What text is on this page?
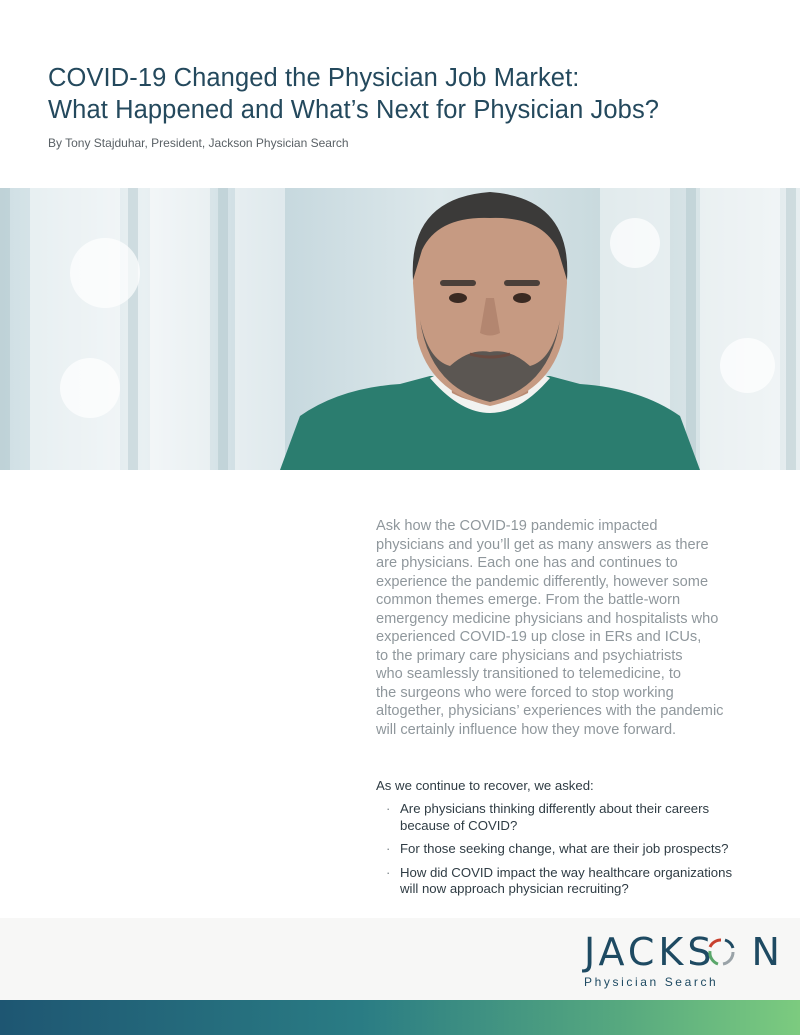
COVID-19 Changed the Physician Job Market:
What Happened and What’s Next for Physician Jobs?
By Tony Stajduhar, President, Jackson Physician Search
Ask how the COVID-19 pandemic impacted
physicians and you’ll get as many answers as there
are physicians. Each one has and continues to
experience the pandemic differently, however some
common themes emerge. From the battle-worn
emergency medicine physicians and hospitalists who
experienced COVID-19 up close in ERs and ICUs,
to the primary care physicians and psychiatrists
who seamlessly transitioned to telemedicine, to
the surgeons who were forced to stop working
altogether, physicians’ experiences with the pandemic
will certainly influence how they move forward.
As we continue to recover, we asked:
· Are physicians thinking differently about their careers
because of COVID?
· For those seeking change, what are their job prospects?
· How did COVID impact the way healthcare organizations
will now approach physician recruiting?
JACKS N
Physician Search
